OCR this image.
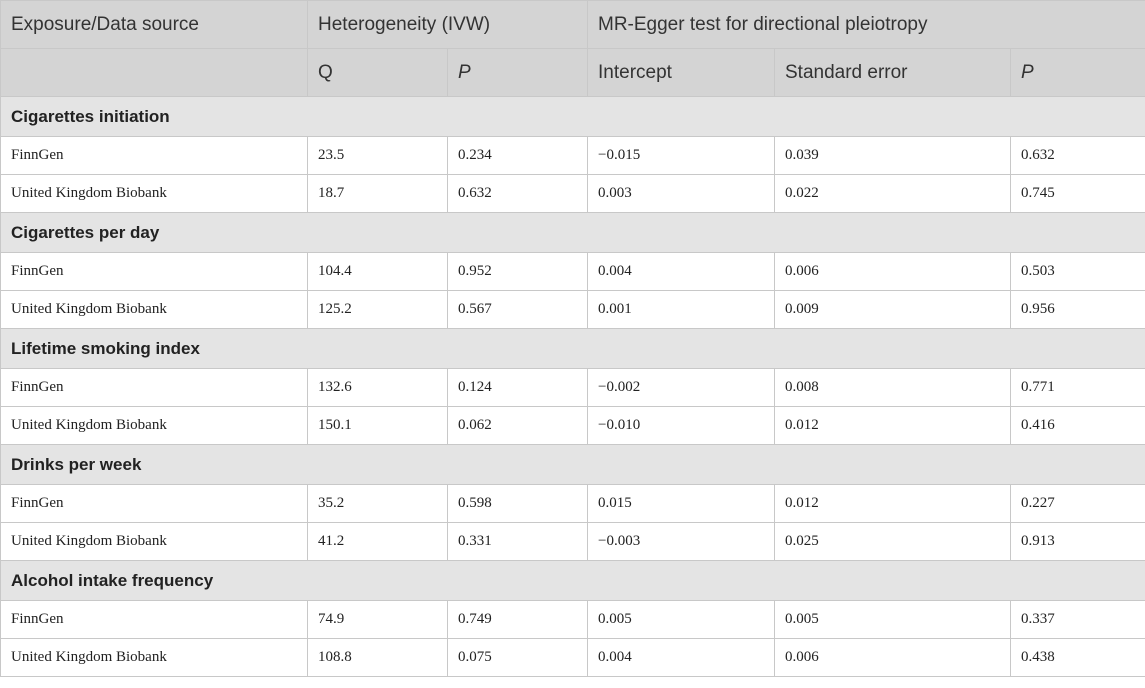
Exposure/Data source	Heterogeneity (IVW)		MR-Egger test for directional pleiotropy		
	Q	P	Intercept	Standard error	P
Cigarettes initiation					
FinnGen	23.5	0.234	−0.015	0.039	0.632
United Kingdom Biobank	18.7	0.632	0.003	0.022	0.745
Cigarettes per day					
FinnGen	104.4	0.952	0.004	0.006	0.503
United Kingdom Biobank	125.2	0.567	0.001	0.009	0.956
Lifetime smoking index					
FinnGen	132.6	0.124	−0.002	0.008	0.771
United Kingdom Biobank	150.1	0.062	−0.010	0.012	0.416
Drinks per week					
FinnGen	35.2	0.598	0.015	0.012	0.227
United Kingdom Biobank	41.2	0.331	−0.003	0.025	0.913
Alcohol intake frequency					
FinnGen	74.9	0.749	0.005	0.005	0.337
United Kingdom Biobank	108.8	0.075	0.004	0.006	0.438
